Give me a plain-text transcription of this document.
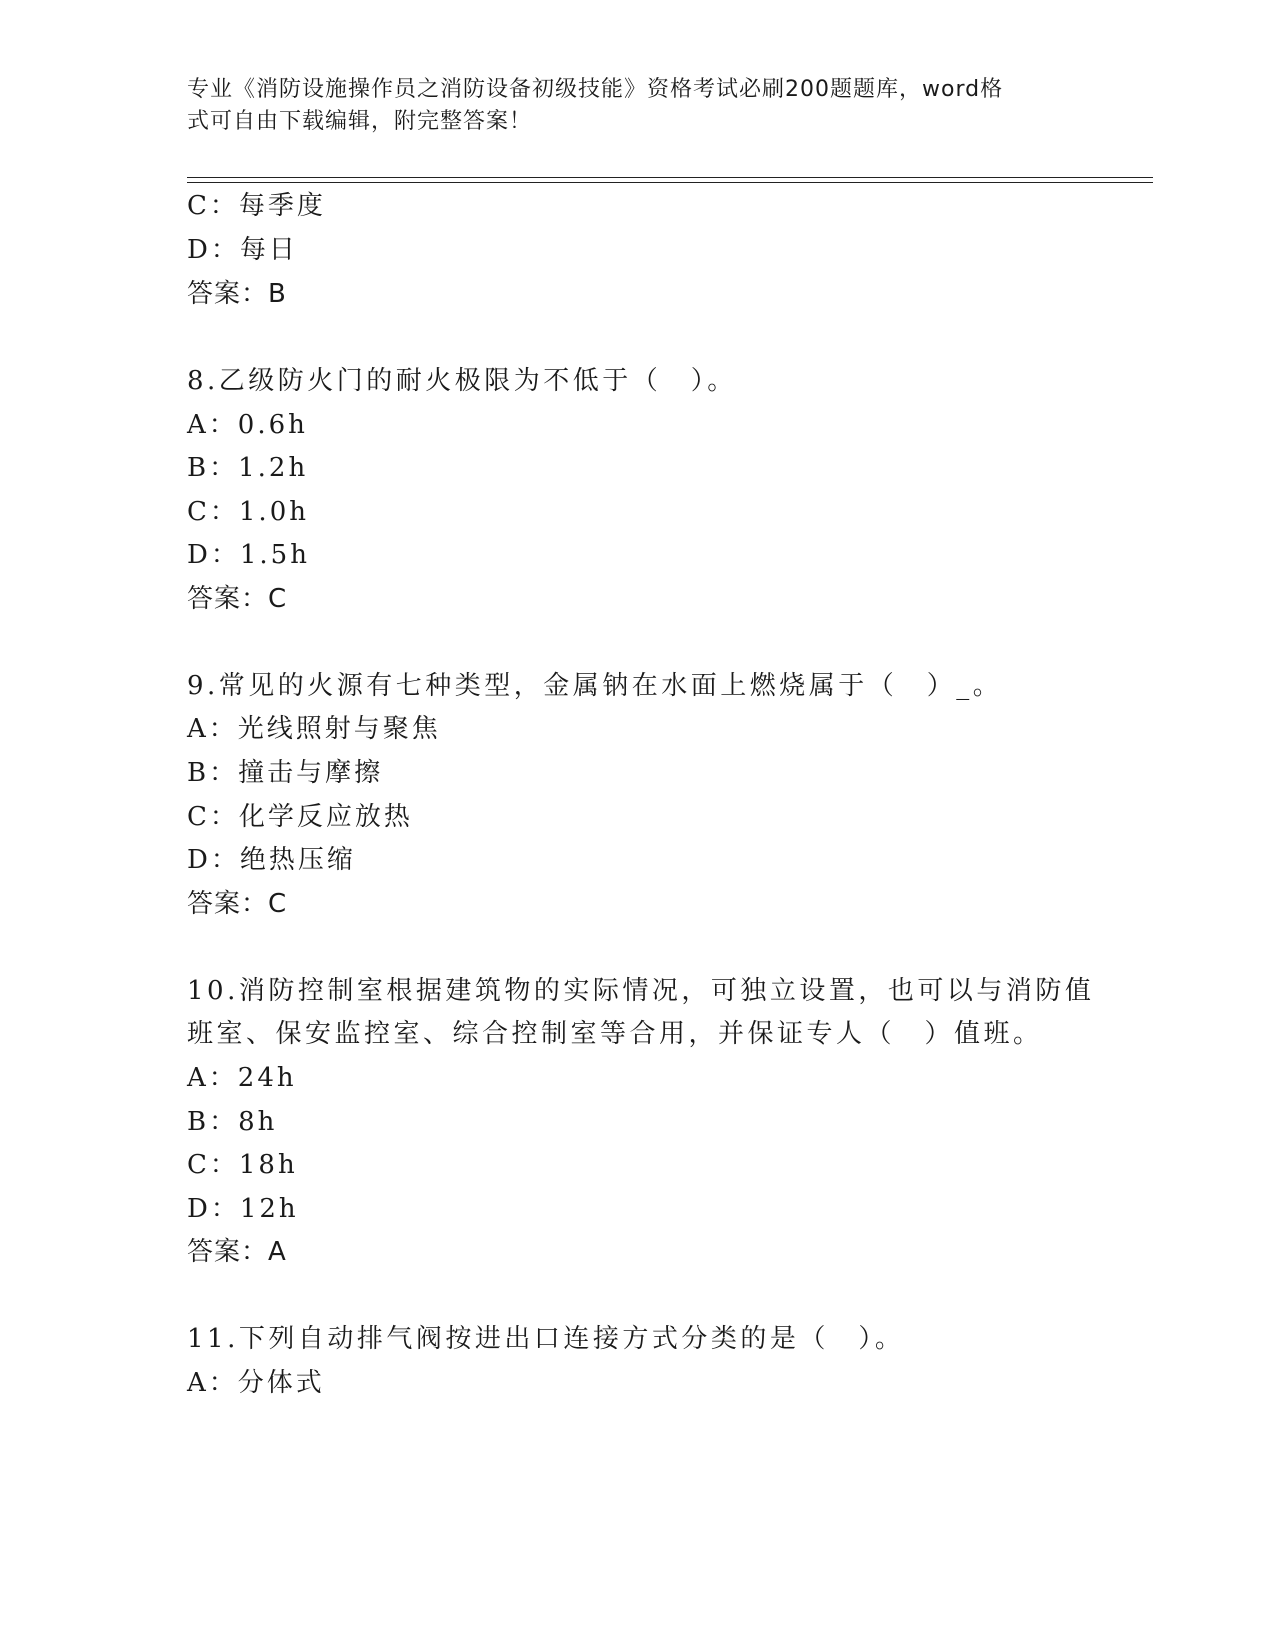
专业《消防设施操作员之消防设备初级技能》资格考试必刷200题题库，word格
式可自由下载编辑，附完整答案！
C：每季度
D：每日
答案：B
8.乙级防火门的耐火极限为不低于（　）。
A：0.6h
B：1.2h
C：1.0h
D：1.5h
答案：C
9.常见的火源有七种类型，金属钠在水面上燃烧属于（　）_。
A：光线照射与聚焦
B：撞击与摩擦
C：化学反应放热
D：绝热压缩
答案：C
10.消防控制室根据建筑物的实际情况，可独立设置，也可以与消防值
班室、保安监控室、综合控制室等合用，并保证专人（　）值班。
A：24h
B：8h
C：18h
D：12h
答案：A
11.下列自动排气阀按进出口连接方式分类的是（　）。
A：分体式
